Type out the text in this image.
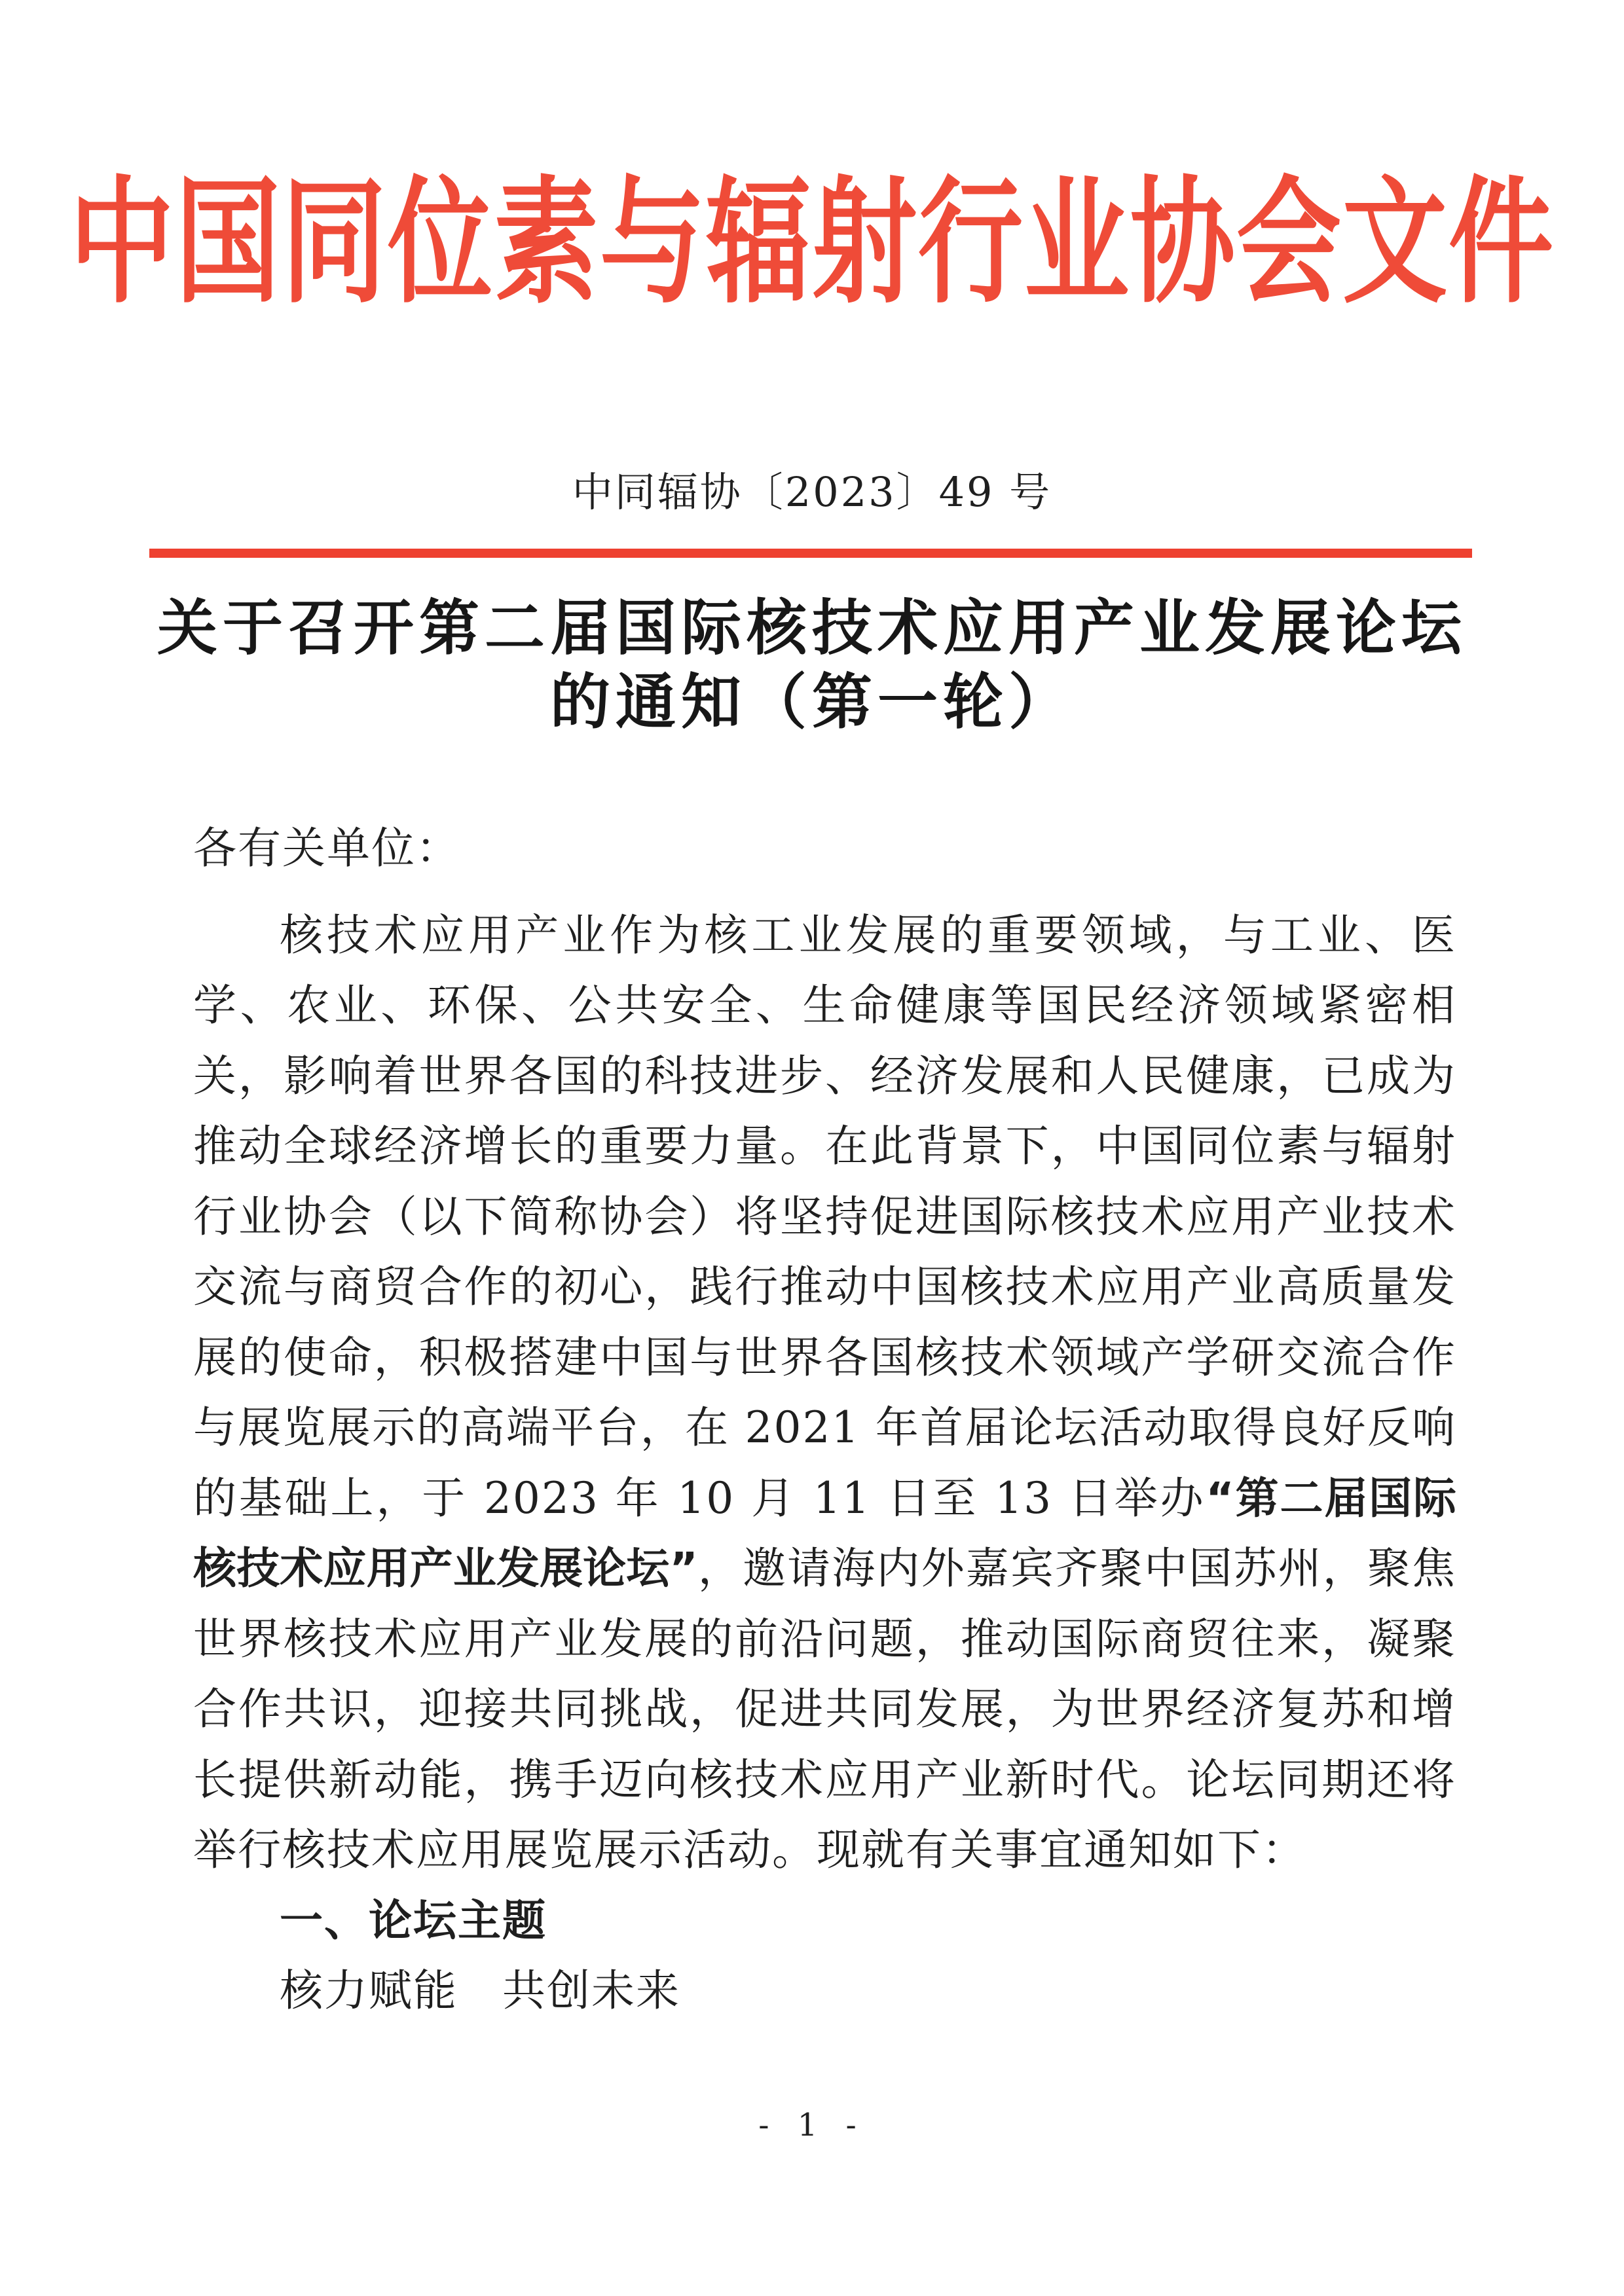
中国同位素与辐射行业协会文件
中同辐协〔2023〕49 号
关于召开第二届国际核技术应用产业发展论坛
的通知（第一轮）

各有关单位：

核技术应用产业作为核工业发展的重要领域，与工业、医学、农业、环保、公共安全、生命健康等国民经济领域紧密相关，影响着世界各国的科技进步、经济发展和人民健康，已成为推动全球经济增长的重要力量。在此背景下，中国同位素与辐射行业协会（以下简称协会）将坚持促进国际核技术应用产业技术交流与商贸合作的初心，践行推动中国核技术应用产业高质量发展的使命，积极搭建中国与世界各国核技术领域产学研交流合作与展览展示的高端平台，在 2021 年首届论坛活动取得良好反响的基础上，于 2023 年 10 月 11 日至 13 日举办“第二届国际核技术应用产业发展论坛”，邀请海内外嘉宾齐聚中国苏州，聚焦世界核技术应用产业发展的前沿问题，推动国际商贸往来，凝聚合作共识，迎接共同挑战，促进共同发展，为世界经济复苏和增长提供新动能，携手迈向核技术应用产业新时代。论坛同期还将举行核技术应用展览展示活动。现就有关事宜通知如下：

一、论坛主题

核力赋能　共创未来

- 1 -
